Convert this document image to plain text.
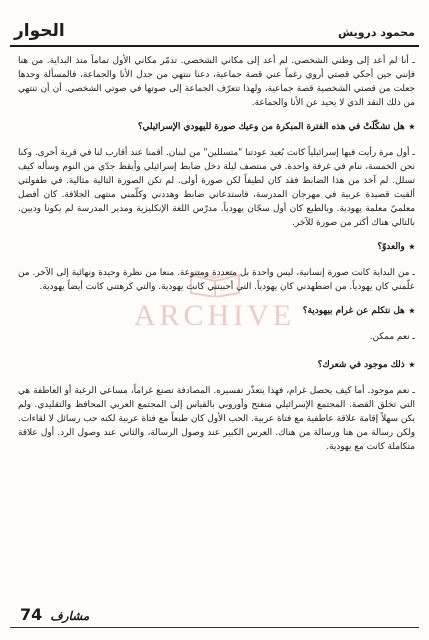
الحوار	محمود درويش
ARCHIVE

ـ أنا لم أعد إلى وطني الشخصي. لم أعد إلى مكاني الشخصي. تدمّر مكاني الأول تماماً منذ البداية. من هنا فإنني حين أحكي قصتي أروي رغماً عني قصة جماعية، دعنا ننتهي من جدل الأنا والجماعة، فالمسألة وحدها جعلت من قصتي الشخصية قصة جماعية، ولهذا تتعرّف الجماعة إلى صوتها في صوتي الشخصي. أن أن تنتهي من ذلك النقد الذي لا يحيد عن الأنا والجماعة.

★هل تشكّلَتْ في هذه الفترة المبكرة من وعيك صورة لليهودي الإسرائيلي؟

ـ أول مرة رأيت فيها إسرائيلياً كانت بُعيد عودتنا "متسللين" من لبنان. أقمنا عند أقارب لنا في قرية أخرى. وكنا نحن الخمسة، ننام في غرفة واحدة. في منتصف ليلة دخل ضابط إسرائيلي وأيقظ جدّي من النوم وسأله كيف تسلل. لم آخذ من هذا الضابط فقد كان لطيفاً لكن صورة أولى. لم تكن الصورة التالية مثالية. في طفولتي ألقيت قصيدة عربية في مهرجان المدرسة، فاستدعاني ضابط وهددني وكلّمني منتهى الجلافة. كان أفضل معلميّ معلمة يهودية. وبالطبع كان أول سجّان يهودياً. مدرّس اللغة الإنكليزية ومدير المدرسة لم يكونا وديين. بالتالي هناك أكثر من صورة للآخر.

★والعدوّ؟

ـ من البداية كانت صورة إنسانية، ليس واحدة بل متعددة ومتنوعة. منعا من نظرة وحيدة ونهائية إلى الآخر. من علّمني كان يهودياً. من اضطهدني كان يهودياً. التي أحببتني كانت يهودية. والتي كرهتني كانت أيضاً يهودية.

★هل نتكلم عن غرام بيهودية؟

ـ نعم ممكن.

★ذلك موجود في شعرك؟

ـ نعم موجود. أما كيف يحصل غرام، فهذا يتعذّر تفسيره. المصادفة تصنع غراماً، مساعي الرغبة أو العاطفة هي التي تخلق القصة. المجتمع الإسرائيلي منفتح وأوروبي بالقياس إلى المجتمع العربي المحافظ والتقليدي. ولم يكن سهلاً إقامة علاقة عاطفية مع فتاة عربية. الحب الأول كان طبعاً مع فتاة عربية لكنه حب رسائل لا لقاءات. ولكن رسالة من هنا ورسالة من هناك. العرس الكبير عند وصول الرسالة، والثاني عند وصول الرد. أول علاقة متكاملة كانت مع يهودية.

74 مشارف
